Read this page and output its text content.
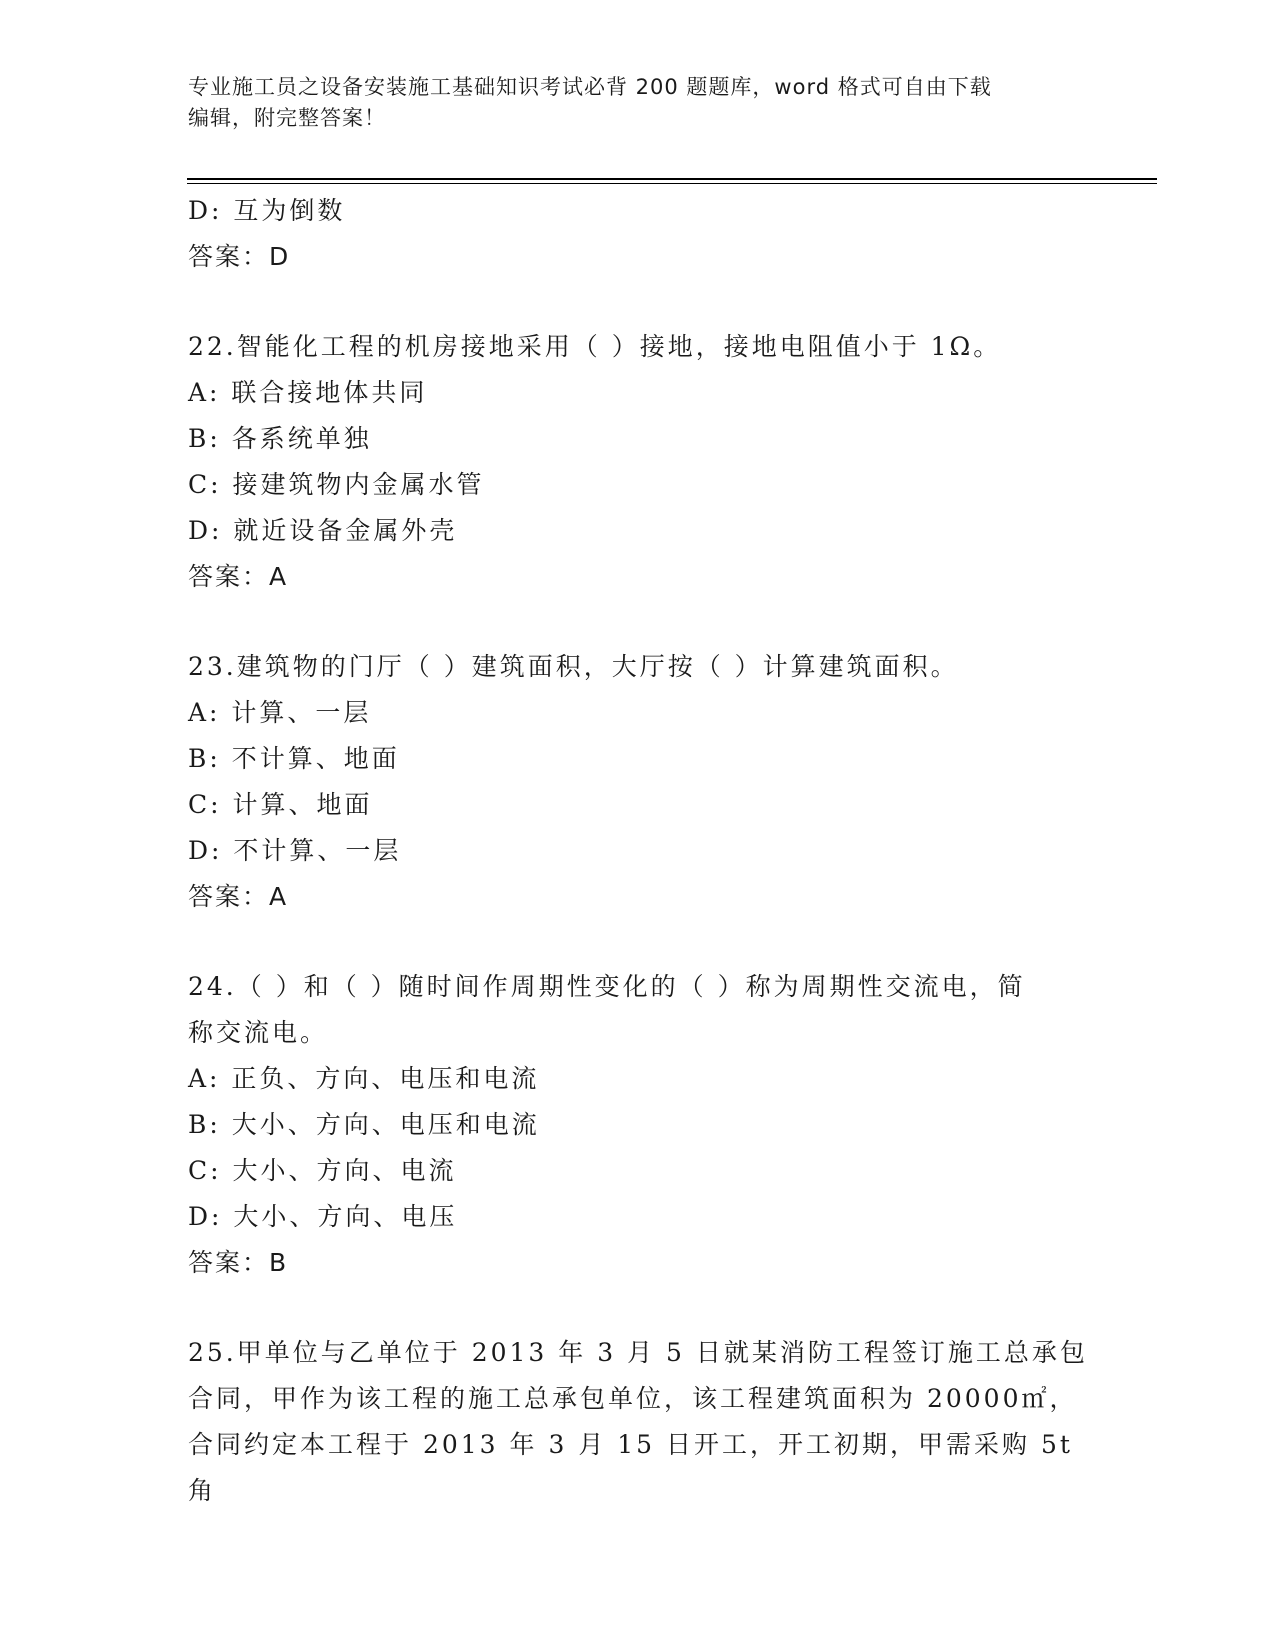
专业施工员之设备安装施工基础知识考试必背 200 题题库，word 格式可自由下载
编辑，附完整答案！
D: 互为倒数
答案：D
22.智能化工程的机房接地采用（ ）接地，接地电阻值小于 1Ω。
A: 联合接地体共同
B: 各系统单独
C: 接建筑物内金属水管
D: 就近设备金属外壳
答案：A
23.建筑物的门厅（ ）建筑面积，大厅按（ ）计算建筑面积。
A: 计算、一层
B: 不计算、地面
C: 计算、地面
D: 不计算、一层
答案：A
24.（ ）和（ ）随时间作周期性变化的（ ）称为周期性交流电，简
称交流电。
A: 正负、方向、电压和电流
B: 大小、方向、电压和电流
C: 大小、方向、电流
D: 大小、方向、电压
答案：B
25.甲单位与乙单位于 2013 年 3 月 5 日就某消防工程签订施工总承包
合同，甲作为该工程的施工总承包单位，该工程建筑面积为 20000㎡，
合同约定本工程于 2013 年 3 月 15 日开工，开工初期，甲需采购 5t 角
